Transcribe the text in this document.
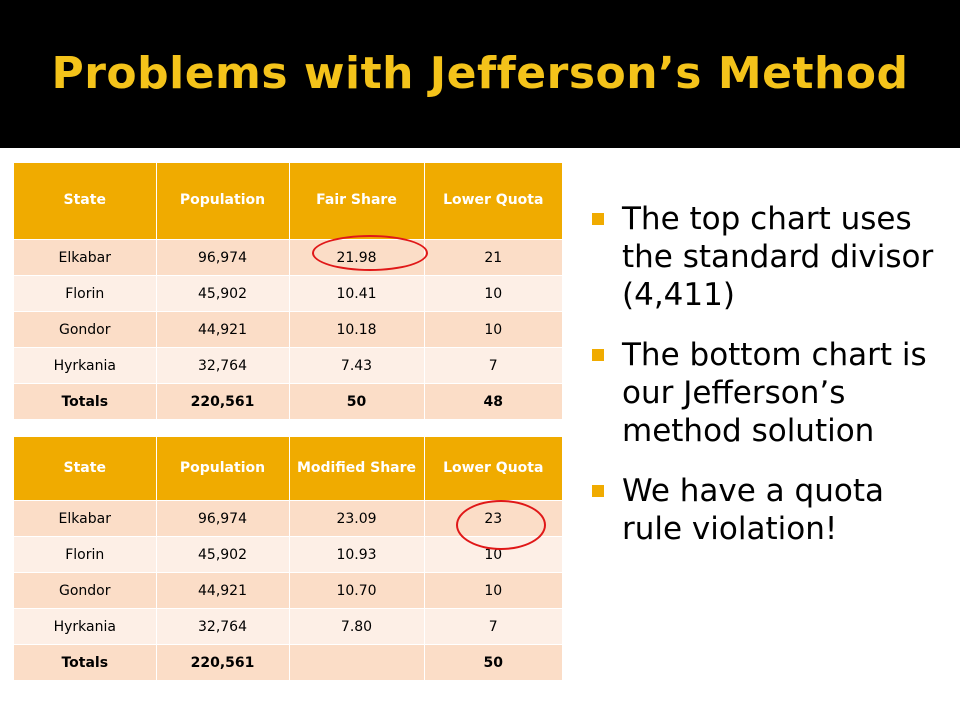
Problems with Jefferson’s Method
State	Population	Fair Share	Lower Quota
Elkabar	96,974	21.98	21
Florin	45,902	10.41	10
Gondor	44,921	10.18	10
Hyrkania	32,764	7.43	7
Totals	220,561	50	48
State	Population	Modified Share	Lower Quota
Elkabar	96,974	23.09	23
Florin	45,902	10.93	10
Gondor	44,921	10.70	10
Hyrkania	32,764	7.80	7
Totals	220,561		50
The top chart uses the standard divisor (4,411)
The bottom chart is our Jefferson’s method solution
We have a quota rule violation!
